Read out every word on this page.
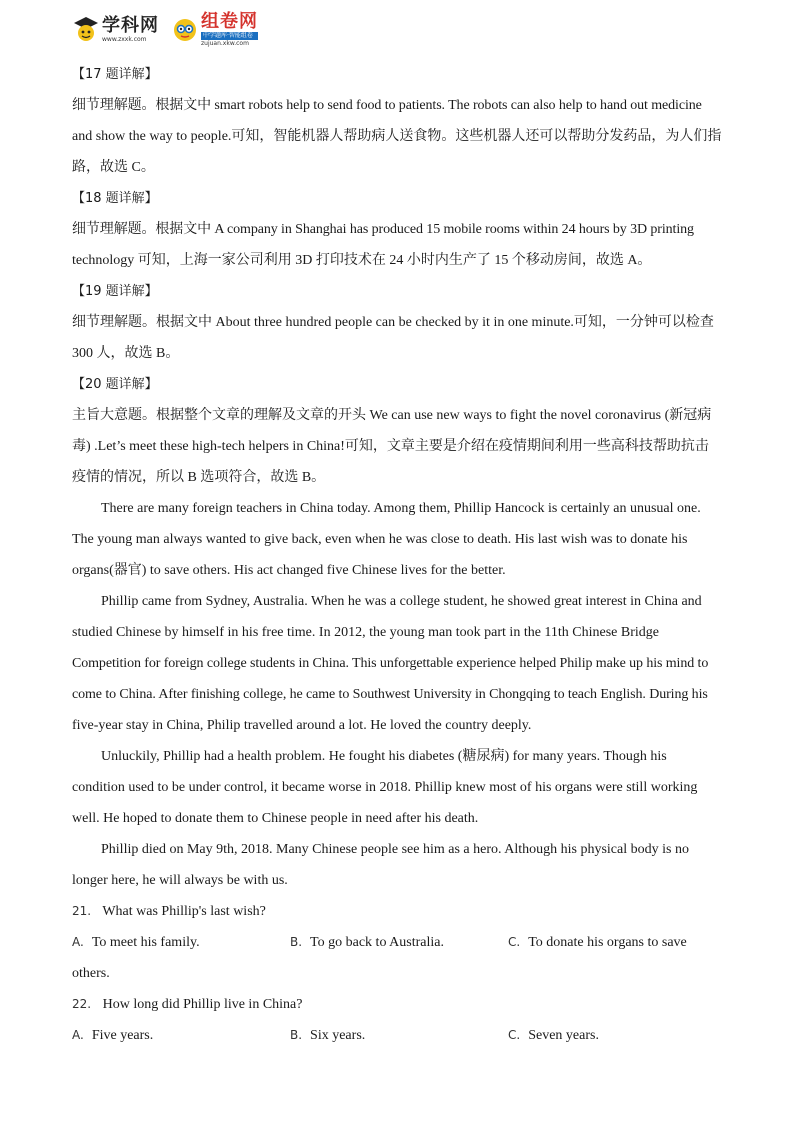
学科网
www.zxxk.com
组卷网
中学题库·智能组卷
zujuan.xkw.com
【17 题详解】
细节理解题。根据文中 smart robots help to send food to patients. The robots can also help to hand out medicine
and show the way to people.可知，智能机器人帮助病人送食物。这些机器人还可以帮助分发药品，为人们指
路，故选 C。
【18 题详解】
细节理解题。根据文中 A company in Shanghai has produced 15 mobile rooms within 24 hours by 3D printing
technology 可知，上海一家公司利用 3D 打印技术在 24 小时内生产了 15 个移动房间，故选 A。
【19 题详解】
细节理解题。根据文中 About three hundred people can be checked by it in one minute.可知，一分钟可以检查
300 人，故选 B。
【20 题详解】
主旨大意题。根据整个文章的理解及文章的开头 We can use new ways to fight the novel coronavirus (新冠病
毒) .Let’s meet these high-tech helpers in China!可知，文章主要是介绍在疫情期间利用一些高科技帮助抗击
疫情的情况，所以 B 选项符合，故选 B。
There are many foreign teachers in China today. Among them, Phillip Hancock is certainly an unusual one.
The young man always wanted to give back, even when he was close to death. His last wish was to donate his
organs(器官) to save others. His act changed five Chinese lives for the better.
Phillip came from Sydney, Australia. When he was a college student, he showed great interest in China and
studied Chinese by himself in his free time. In 2012, the young man took part in the 11th Chinese Bridge
Competition for foreign college students in China. This unforgettable experience helped Philip make up his mind to
come to China. After finishing college, he came to Southwest University in Chongqing to teach English. During his
five-year stay in China, Philip travelled around a lot. He loved the country deeply.
Unluckily, Phillip had a health problem. He fought his diabetes (糖尿病) for many years. Though his
condition used to be under control, it became worse in 2018. Phillip knew most of his organs were still working
well. He hoped to donate them to Chinese people in need after his death.
Phillip died on May 9th, 2018. Many Chinese people see him as a hero. Although his physical body is no
longer here, he will always be with us.
21. What was Phillip's last wish?
A. To meet his family.	B. To go back to Australia.	C. To donate his organs to save
others.
22. How long did Phillip live in China?
A. Five years.	B. Six years.	C. Seven years.
